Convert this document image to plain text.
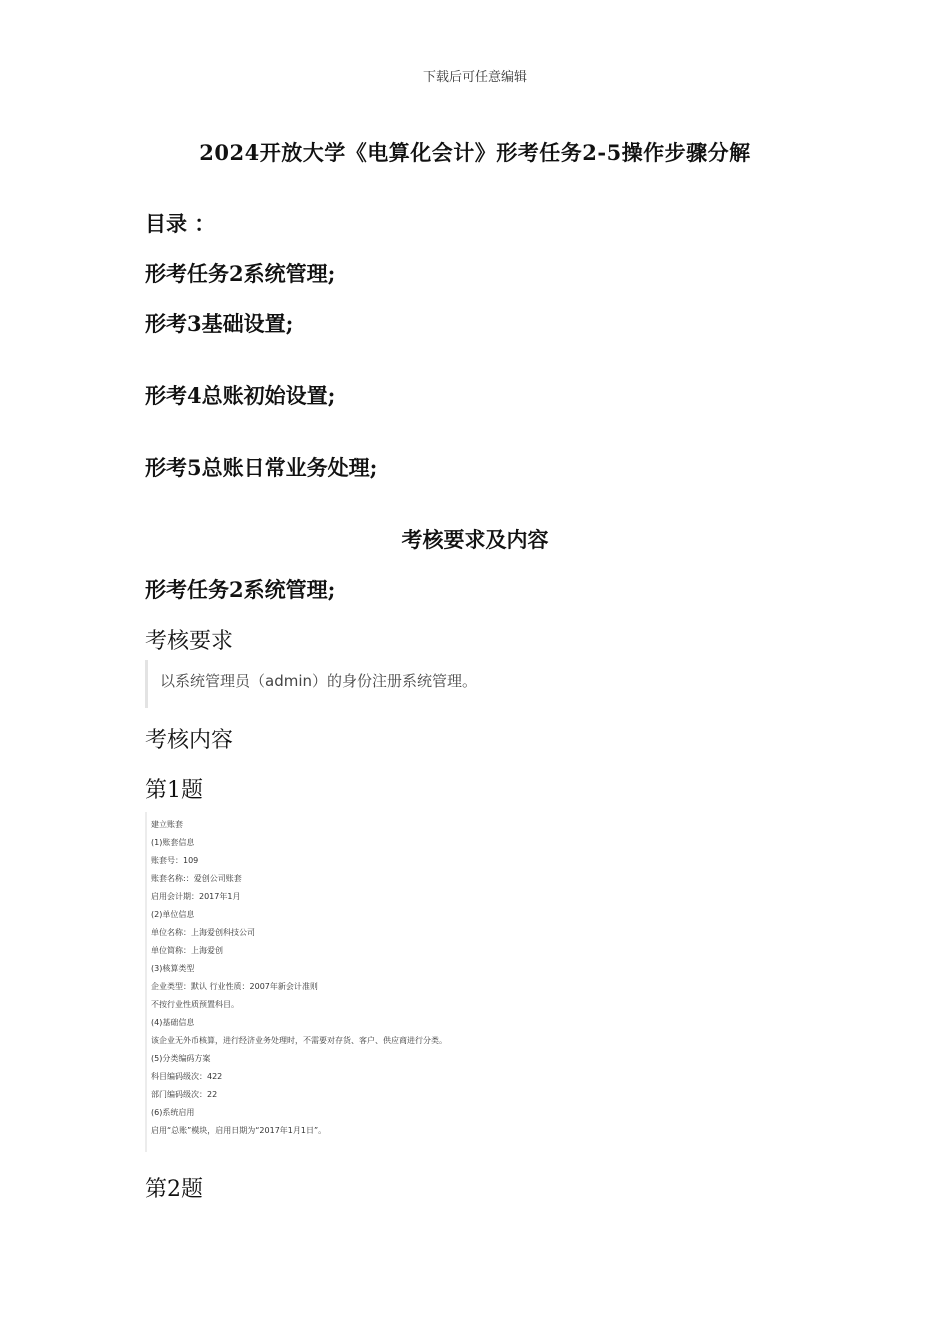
下载后可任意编辑
2024开放大学《电算化会计》形考任务2-5操作步骤分解
目录 ：
形考任务2系统管理;
形考3基础设置;
形考4总账初始设置;
形考5总账日常业务处理;
考核要求及内容
形考任务2系统管理;
考核要求
以系统管理员（admin）的身份注册系统管理。
考核内容
第1题
建立账套
(1)账套信息
账套号：109
账套名称:：爱创公司账套
启用会计期：2017年1月
(2)单位信息
单位名称：上海爱创科技公司
单位简称：上海爱创
(3)核算类型
企业类型：默认 行业性质：2007年新会计准则
不按行业性质预置科目。
(4)基础信息
该企业无外币核算，进行经济业务处理时，不需要对存货、客户、供应商进行分类。
(5)分类编码方案
科目编码级次：422
部门编码级次：22
(6)系统启用
启用“总账”模块，启用日期为“2017年1月1日”。
第2题
